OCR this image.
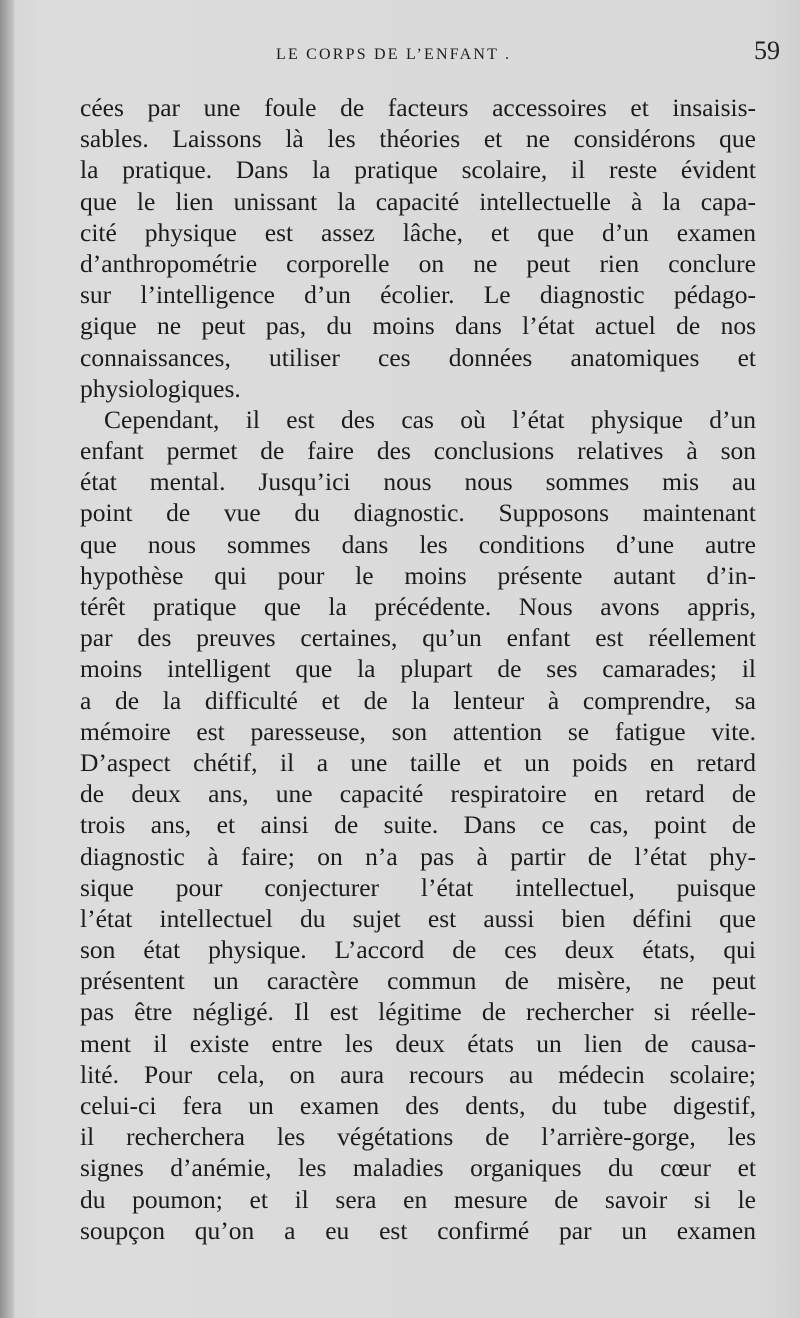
LE CORPS DE L’ENFANT .	59
cées par une foule de facteurs accessoires et insaisis-
sables. Laissons là les théories et ne considérons que
la pratique. Dans la pratique scolaire, il reste évident
que le lien unissant la capacité intellectuelle à la capa-
cité physique est assez lâche, et que d’un examen
d’anthropométrie corporelle on ne peut rien conclure
sur l’intelligence d’un écolier. Le diagnostic pédago-
gique ne peut pas, du moins dans l’état actuel de nos
connaissances, utiliser ces données anatomiques et
physiologiques.
Cependant, il est des cas où l’état physique d’un
enfant permet de faire des conclusions relatives à son
état mental. Jusqu’ici nous nous sommes mis au
point de vue du diagnostic. Supposons maintenant
que nous sommes dans les conditions d’une autre
hypothèse qui pour le moins présente autant d’in-
térêt pratique que la précédente. Nous avons appris,
par des preuves certaines, qu’un enfant est réellement
moins intelligent que la plupart de ses camarades; il
a de la difficulté et de la lenteur à comprendre, sa
mémoire est paresseuse, son attention se fatigue vite.
D’aspect chétif, il a une taille et un poids en retard
de deux ans, une capacité respiratoire en retard de
trois ans, et ainsi de suite. Dans ce cas, point de
diagnostic à faire; on n’a pas à partir de l’état phy-
sique pour conjecturer l’état intellectuel, puisque
l’état intellectuel du sujet est aussi bien défini que
son état physique. L’accord de ces deux états, qui
présentent un caractère commun de misère, ne peut
pas être négligé. Il est légitime de rechercher si réelle-
ment il existe entre les deux états un lien de causa-
lité. Pour cela, on aura recours au médecin scolaire;
celui-ci fera un examen des dents, du tube digestif,
il recherchera les végétations de l’arrière-gorge, les
signes d’anémie, les maladies organiques du cœur et
du poumon; et il sera en mesure de savoir si le
soupçon qu’on a eu est confirmé par un examen
